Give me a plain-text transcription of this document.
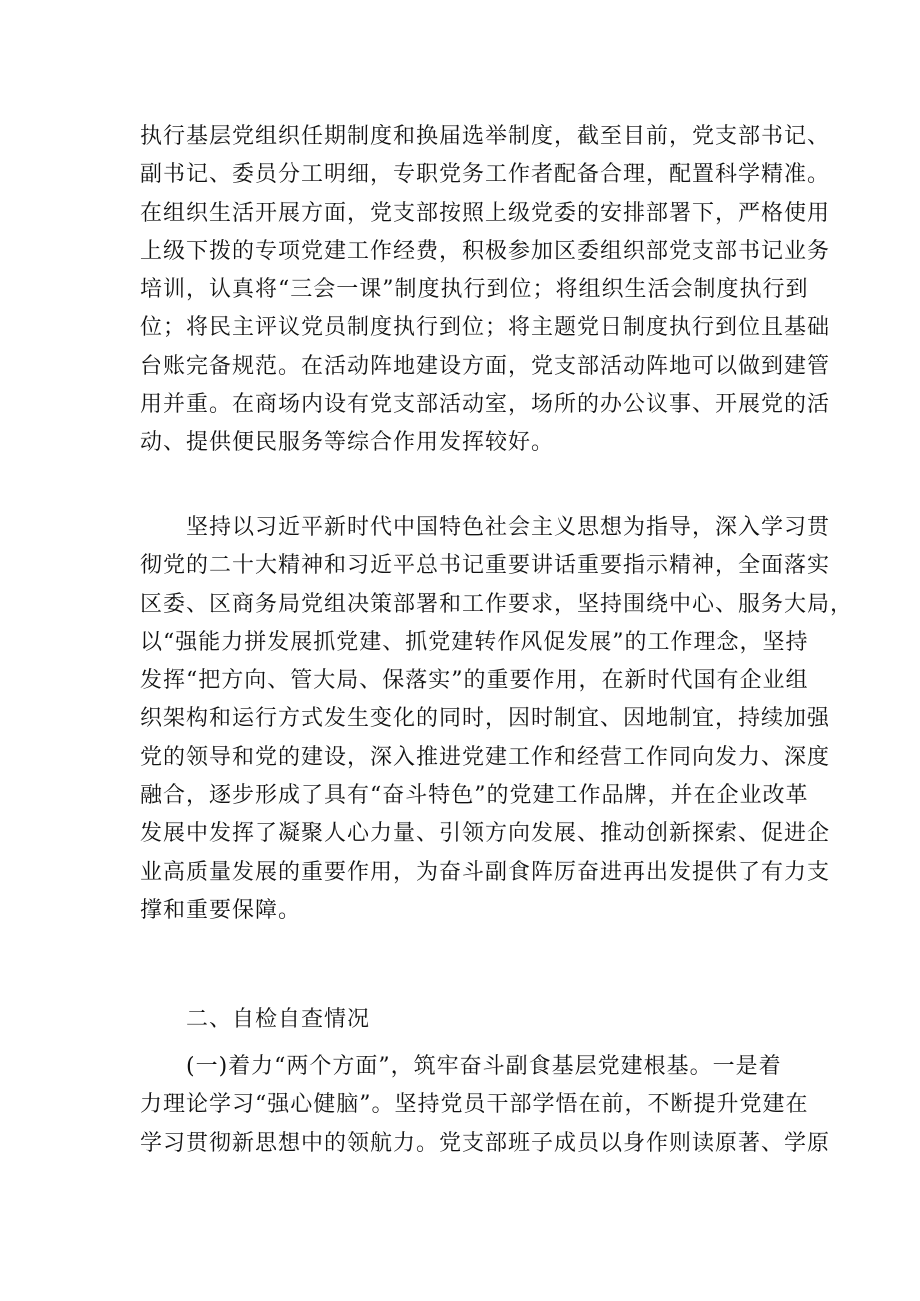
执行基层党组织任期制度和换届选举制度，截至目前，党支部书记、
副书记、委员分工明细，专职党务工作者配备合理，配置科学精准。
在组织生活开展方面，党支部按照上级党委的安排部署下，严格使用
上级下拨的专项党建工作经费，积极参加区委组织部党支部书记业务
培训，认真将“三会一课”制度执行到位；将组织生活会制度执行到
位；将民主评议党员制度执行到位；将主题党日制度执行到位且基础
台账完备规范。在活动阵地建设方面，党支部活动阵地可以做到建管
用并重。在商场内设有党支部活动室，场所的办公议事、开展党的活
动、提供便民服务等综合作用发挥较好。
　　坚持以习近平新时代中国特色社会主义思想为指导，深入学习贯
彻党的二十大精神和习近平总书记重要讲话重要指示精神，全面落实
区委、区商务局党组决策部署和工作要求，坚持围绕中心、服务大局，
以“强能力拼发展抓党建、抓党建转作风促发展”的工作理念，坚持
发挥“把方向、管大局、保落实”的重要作用，在新时代国有企业组
织架构和运行方式发生变化的同时，因时制宜、因地制宜，持续加强
党的领导和党的建设，深入推进党建工作和经营工作同向发力、深度
融合，逐步形成了具有“奋斗特色”的党建工作品牌，并在企业改革
发展中发挥了凝聚人心力量、引领方向发展、推动创新探索、促进企
业高质量发展的重要作用，为奋斗副食阵厉奋进再出发提供了有力支
撑和重要保障。
　　二、自检自查情况
　　(一)着力“两个方面”，筑牢奋斗副食基层党建根基。一是着
力理论学习“强心健脑”。坚持党员干部学悟在前，不断提升党建在
学习贯彻新思想中的领航力。党支部班子成员以身作则读原著、学原
